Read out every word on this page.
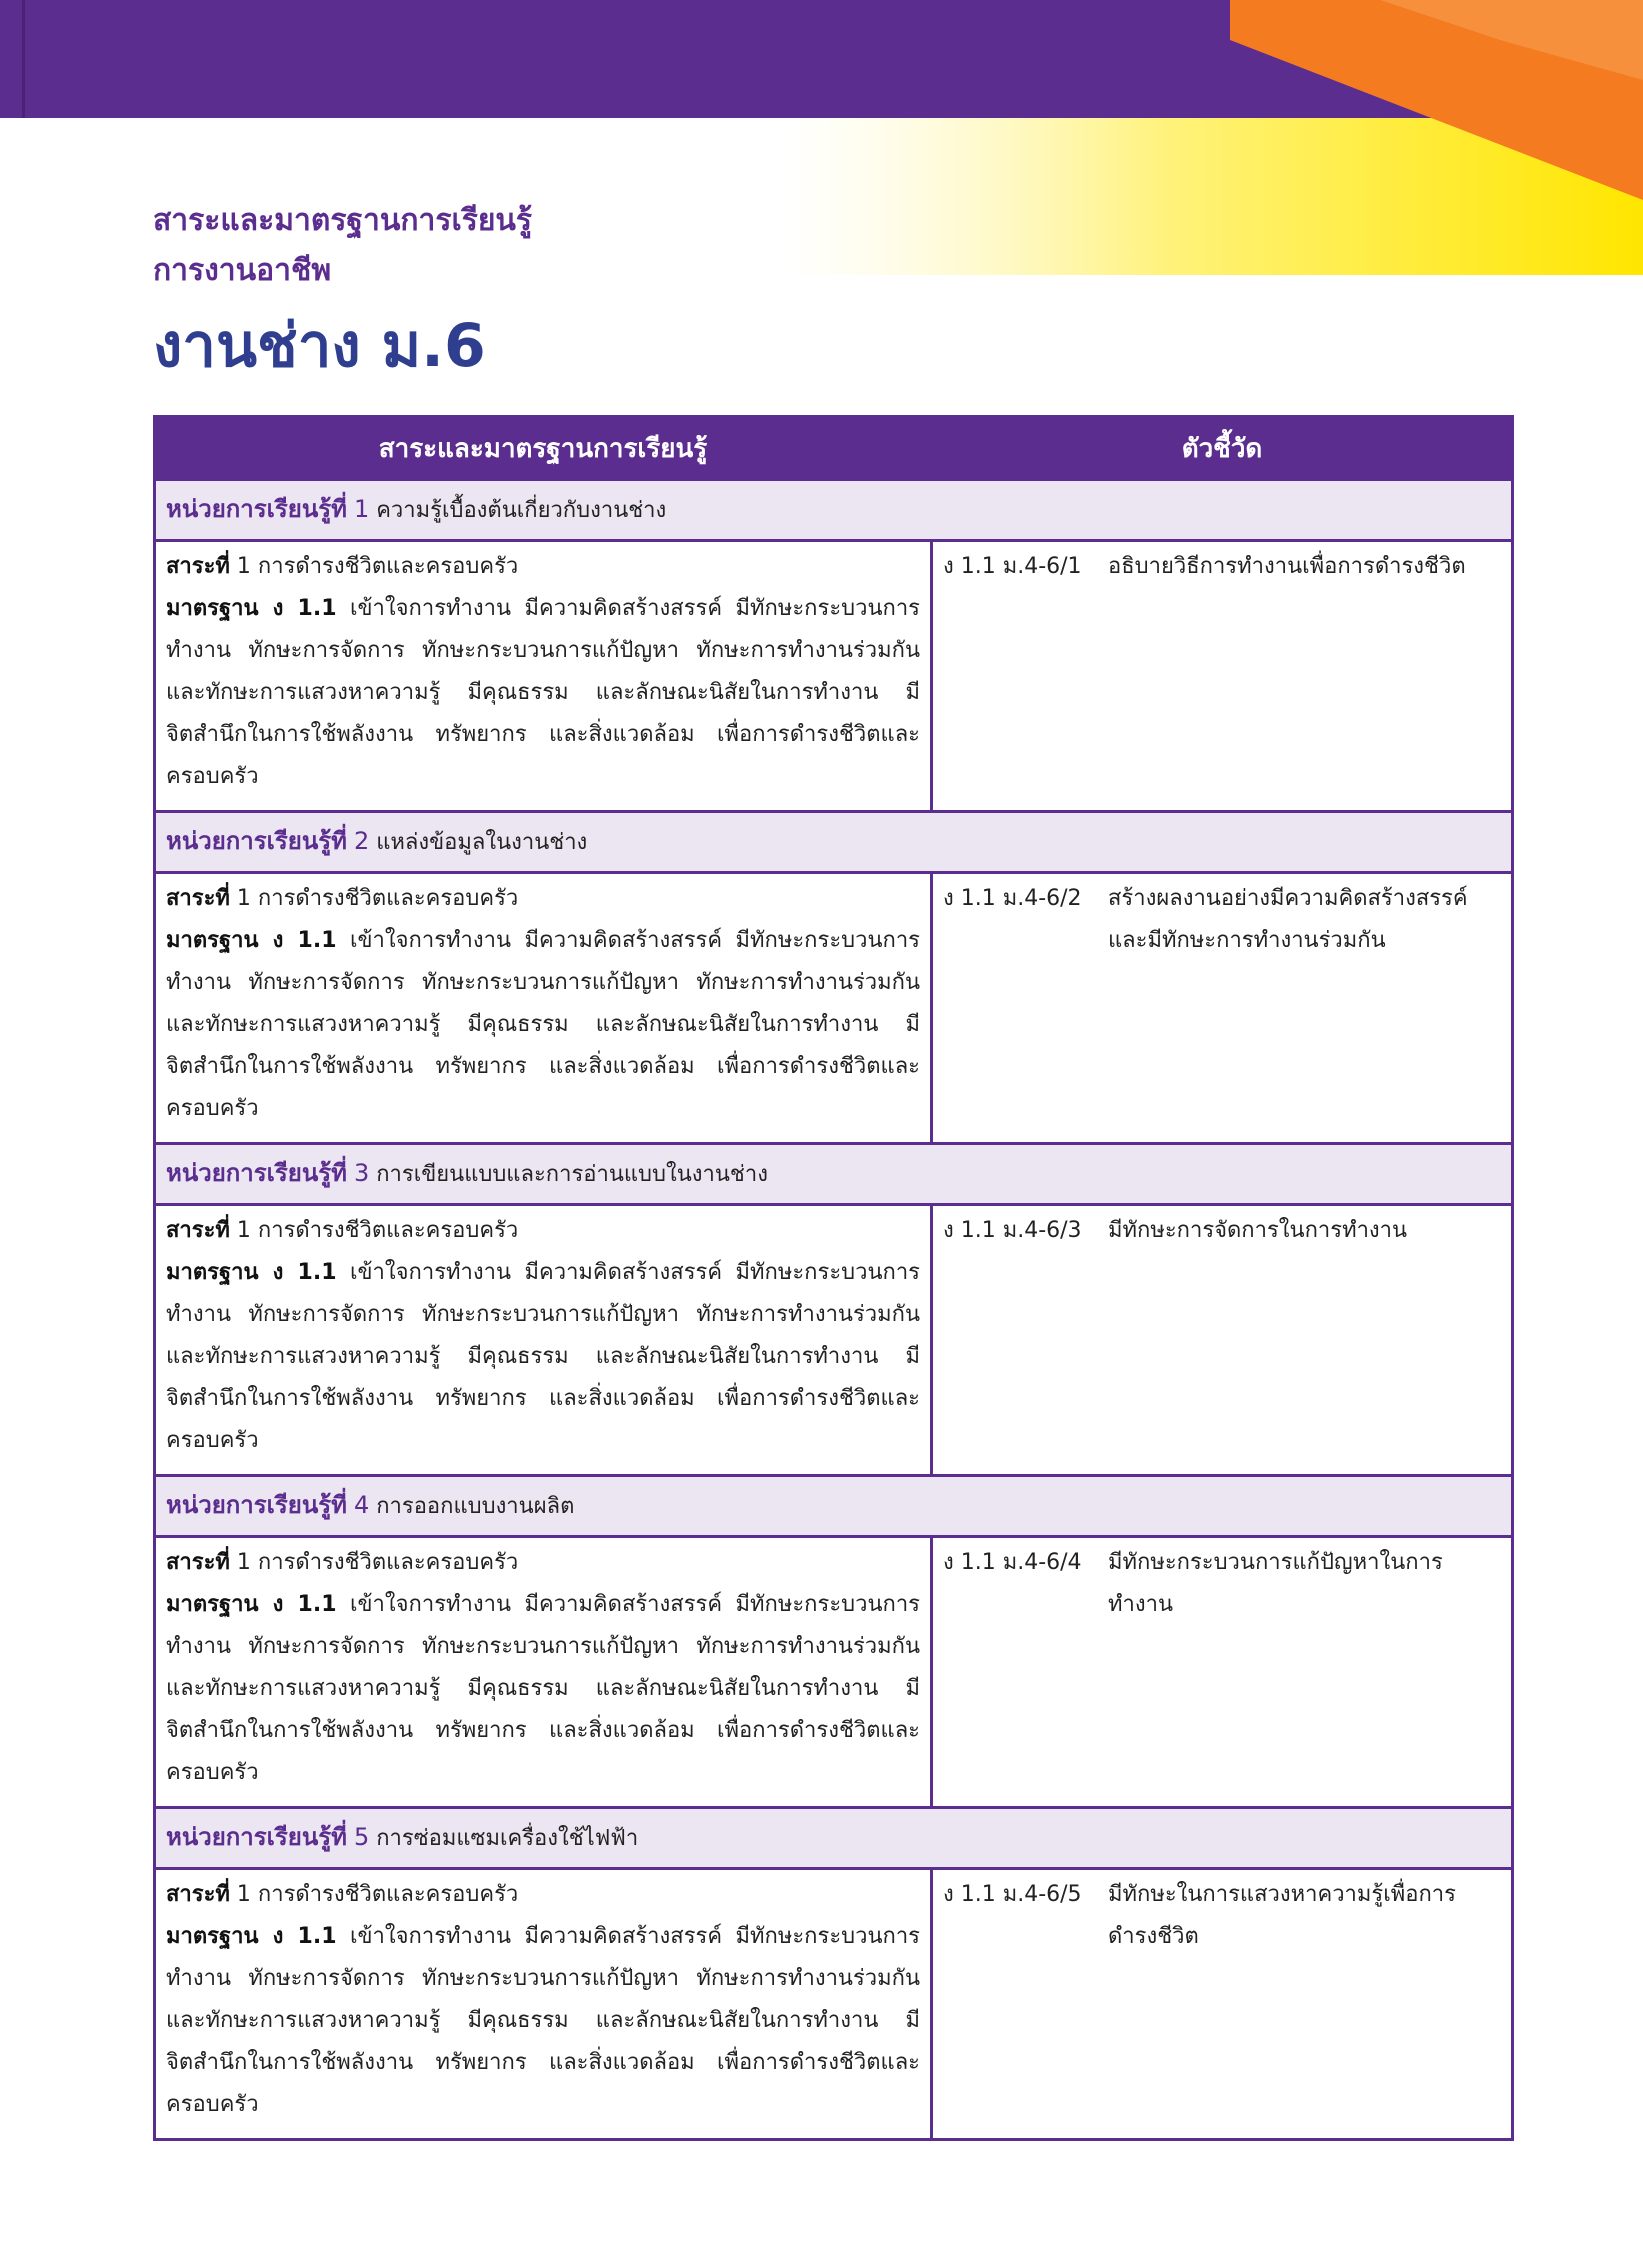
สาระและมาตรฐานการเรียนรู้

การงานอาชีพ

งานช่าง ม.6

สาระและมาตรฐานการเรียนรู้	ตัวชี้วัด
หน่วยการเรียนรู้ที่ 1 ความรู้เบื้องต้นเกี่ยวกับงานช่าง	
สาระที่ 1 การดำรงชีวิตและครอบครัว
มาตรฐาน ง 1.1 เข้าใจการทำงาน มีความคิดสร้างสรรค์ มีทักษะกระบวนการทำงาน ทักษะการจัดการ ทักษะกระบวนการแก้ปัญหา ทักษะการทำงานร่วมกัน และทักษะการแสวงหาความรู้ มีคุณธรรม และลักษณะนิสัยในการทำงาน มีจิตสำนึกในการใช้พลังงาน ทรัพยากร และสิ่งแวดล้อม เพื่อการดำรงชีวิตและครอบครัว	ง 1.1 ม.4-6/1 อธิบายวิธีการทำงานเพื่อการดำรงชีวิต

หน่วยการเรียนรู้ที่ 2 แหล่งข้อมูลในงานช่าง	
สาระที่ 1 การดำรงชีวิตและครอบครัว
มาตรฐาน ง 1.1 เข้าใจการทำงาน มีความคิดสร้างสรรค์ มีทักษะกระบวนการทำงาน ทักษะการจัดการ ทักษะกระบวนการแก้ปัญหา ทักษะการทำงานร่วมกัน และทักษะการแสวงหาความรู้ มีคุณธรรม และลักษณะนิสัยในการทำงาน มีจิตสำนึกในการใช้พลังงาน ทรัพยากร และสิ่งแวดล้อม เพื่อการดำรงชีวิตและครอบครัว	ง 1.1 ม.4-6/2 สร้างผลงานอย่างมีความคิดสร้างสรรค์และมีทักษะการทำงานร่วมกัน

หน่วยการเรียนรู้ที่ 3 การเขียนแบบและการอ่านแบบในงานช่าง	
สาระที่ 1 การดำรงชีวิตและครอบครัว
มาตรฐาน ง 1.1 เข้าใจการทำงาน มีความคิดสร้างสรรค์ มีทักษะกระบวนการทำงาน ทักษะการจัดการ ทักษะกระบวนการแก้ปัญหา ทักษะการทำงานร่วมกัน และทักษะการแสวงหาความรู้ มีคุณธรรม และลักษณะนิสัยในการทำงาน มีจิตสำนึกในการใช้พลังงาน ทรัพยากร และสิ่งแวดล้อม เพื่อการดำรงชีวิตและครอบครัว	ง 1.1 ม.4-6/3 มีทักษะการจัดการในการทำงาน

หน่วยการเรียนรู้ที่ 4 การออกแบบงานผลิต	
สาระที่ 1 การดำรงชีวิตและครอบครัว
มาตรฐาน ง 1.1 เข้าใจการทำงาน มีความคิดสร้างสรรค์ มีทักษะกระบวนการทำงาน ทักษะการจัดการ ทักษะกระบวนการแก้ปัญหา ทักษะการทำงานร่วมกัน และทักษะการแสวงหาความรู้ มีคุณธรรม และลักษณะนิสัยในการทำงาน มีจิตสำนึกในการใช้พลังงาน ทรัพยากร และสิ่งแวดล้อม เพื่อการดำรงชีวิตและครอบครัว	ง 1.1 ม.4-6/4 มีทักษะกระบวนการแก้ปัญหาในการทำงาน

หน่วยการเรียนรู้ที่ 5 การซ่อมแซมเครื่องใช้ไฟฟ้า	
สาระที่ 1 การดำรงชีวิตและครอบครัว
มาตรฐาน ง 1.1 เข้าใจการทำงาน มีความคิดสร้างสรรค์ มีทักษะกระบวนการทำงาน ทักษะการจัดการ ทักษะกระบวนการแก้ปัญหา ทักษะการทำงานร่วมกัน และทักษะการแสวงหาความรู้ มีคุณธรรม และลักษณะนิสัยในการทำงาน มีจิตสำนึกในการใช้พลังงาน ทรัพยากร และสิ่งแวดล้อม เพื่อการดำรงชีวิตและครอบครัว	ง 1.1 ม.4-6/5 มีทักษะในการแสวงหาความรู้เพื่อการดำรงชีวิต
